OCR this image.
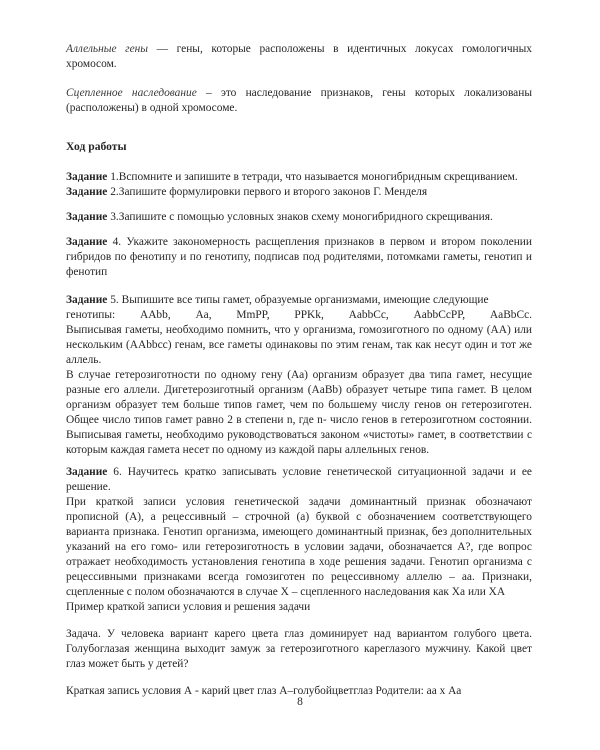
Аллельные гены — гены, которые расположены в идентичных локусах гомологичных хромосом.

Сцепленное наследование – это наследование признаков, гены которых локализованы (расположены) в одной хромосоме.

Ход работы

Задание 1.Вспомните и запишите в тетради, что называется моногибридным скрещиванием.

Задание 2.Запишите формулировки первого и второго законов Г. Менделя

Задание 3.Запишите с помощью условных знаков схему моногибридного скрещивания.

Задание 4. Укажите закономерность расщепления признаков в первом и втором поколении гибридов по фенотипу и по генотипу, подписав под родителями, потомками гаметы, генотип и фенотип

Задание 5. Выпишите все типы гамет, образуемые организмами, имеющие следующие
генотипы: AAbb, Aa, MmPP, PPKk, AabbCc, AabbCcPP, AaBbCc.
Выписывая гаметы, необходимо помнить, что у организма, гомозиготного по одному (АА) или нескольким (AAbbcc) генам, все гаметы одинаковы по этим генам, так как несут один и тот же аллель.

В случае гетерозиготности по одному гену (Аа) организм образует два типа гамет, несущие разные его аллели. Дигетерозиготный организм (AaBb) образует четыре типа гамет. В целом организм образует тем больше типов гамет, чем по большему числу генов он гетерозиготен. Общее число типов гамет равно 2 в степени n, где n- число генов в гетерозиготном состоянии. Выписывая гаметы, необходимо руководствоваться законом «чистоты» гамет, в соответствии с которым каждая гамета несет по одному из каждой пары аллельных генов.

Задание 6. Научитесь кратко записывать условие генетической ситуационной задачи и ее решение.

При краткой записи условия генетической задачи доминантный признак обозначают прописной (А), а рецессивный – строчной (а) буквой с обозначением соответствующего варианта признака. Генотип организма, имеющего доминантный признак, без дополнительных указаний на его гомо- или гетерозиготность в условии задачи, обозначается А?, где вопрос отражает необходимость установления генотипа в ходе решения задачи. Генотип организма с рецессивными признаками всегда гомозиготен по рецессивному аллелю – аа. Признаки, сцепленные с полом обозначаются в случае Х – сцепленного наследования как Ха или ХА

Пример краткой записи условия и решения задачи

Задача. У человека вариант карего цвета глаз доминирует над вариантом голубого цвета. Голубоглазая женщина выходит замуж за гетерозиготного кареглазого мужчину. Какой цвет глаз может быть у детей?

Краткая запись условия А - карий цвет глаз А–голубойцветглаз Родители: аа х Аа

8
